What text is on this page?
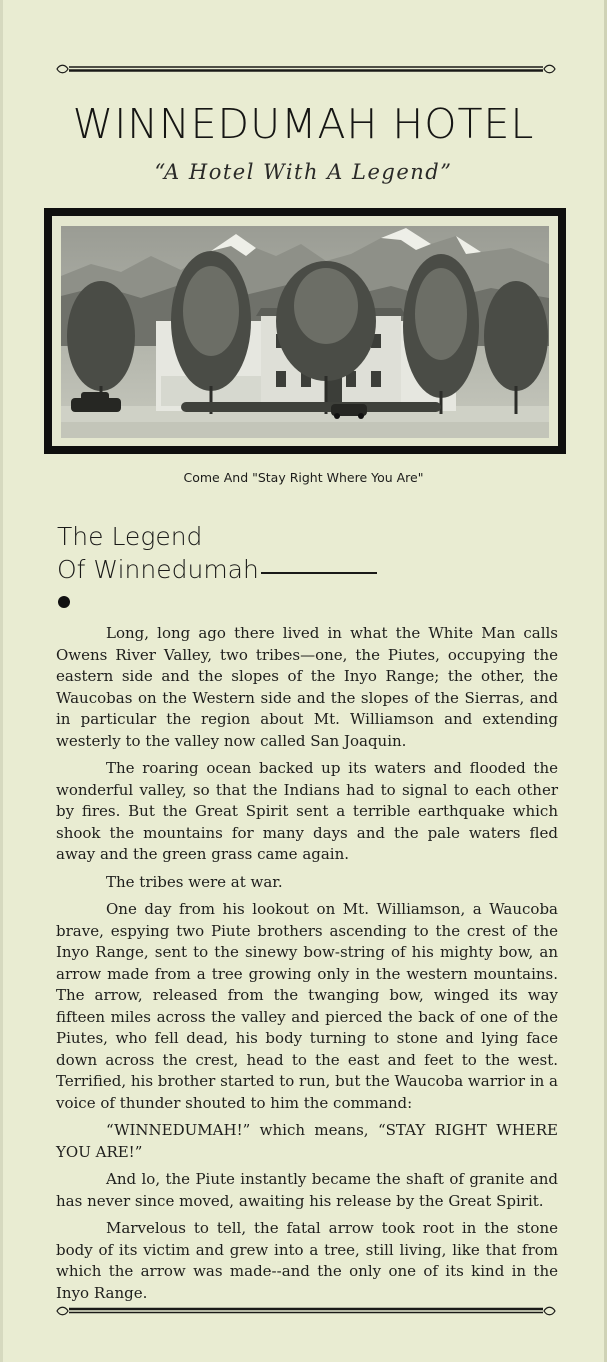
WINNEDUMAH HOTEL
“A Hotel With A Legend”
Come And "Stay Right Where You Are"
The Legend
Of Winnedumah

Long, long ago there lived in what the White Man calls Owens River Valley, two tribes—one, the Piutes, occupying the eastern side and the slopes of the Inyo Range; the other, the Waucobas on the Western side and the slopes of the Sierras, and in particular the region about Mt. Williamson and extending westerly to the valley now called San Joaquin.

The roaring ocean backed up its waters and flooded the wonderful valley, so that the Indians had to signal to each other by fires. But the Great Spirit sent a terrible earthquake which shook the mountains for many days and the pale waters fled away and the green grass came again.

The tribes were at war.

One day from his lookout on Mt. Williamson, a Waucoba brave, espying two Piute brothers ascending to the crest of the Inyo Range, sent to the sinewy bow-string of his mighty bow, an arrow made from a tree growing only in the western mountains. The arrow, released from the twanging bow, winged its way fifteen miles across the valley and pierced the back of one of the Piutes, who fell dead, his body turning to stone and lying face down across the crest, head to the east and feet to the west. Terrified, his brother started to run, but the Waucoba warrior in a voice of thunder shouted to him the command:

“WINNEDUMAH!” which means, “STAY RIGHT WHERE YOU ARE!”

And lo, the Piute instantly became the shaft of granite and has never since moved, awaiting his release by the Great Spirit.

Marvelous to tell, the fatal arrow took root in the stone body of its victim and grew into a tree, still living, like that from which the arrow was made--and the only one of its kind in the Inyo Range.
